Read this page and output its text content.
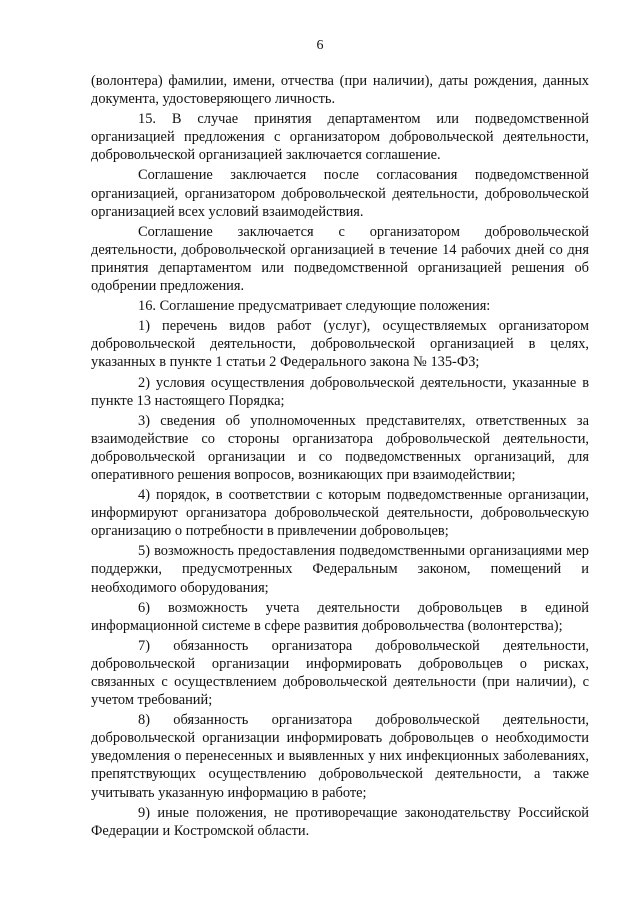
6

(волонтера) фамилии, имени, отчества (при наличии), даты рождения, данных документа, удостоверяющего личность.

15. В случае принятия департаментом или подведомственной организацией предложения с организатором добровольческой деятельности, добровольческой организацией заключается соглашение.

Соглашение заключается после согласования подведомственной организацией, организатором добровольческой деятельности, добровольческой организацией всех условий взаимодействия.

Соглашение заключается с организатором добровольческой деятельности, добровольческой организацией в течение 14 рабочих дней со дня принятия департаментом или подведомственной организацией решения об одобрении предложения.

16. Соглашение предусматривает следующие положения:

1) перечень видов работ (услуг), осуществляемых организатором добровольческой деятельности, добровольческой организацией в целях, указанных в пункте 1 статьи 2 Федерального закона № 135-ФЗ;

2) условия осуществления добровольческой деятельности, указанные в пункте 13 настоящего Порядка;

3) сведения об уполномоченных представителях, ответственных за взаимодействие со стороны организатора добровольческой деятельности, добровольческой организации и со подведомственных организаций, для оперативного решения вопросов, возникающих при взаимодействии;

4) порядок, в соответствии с которым подведомственные организации, информируют организатора добровольческой деятельности, добровольческую организацию о потребности в привлечении добровольцев;

5) возможность предоставления подведомственными организациями мер поддержки, предусмотренных Федеральным законом, помещений и необходимого оборудования;

6) возможность учета деятельности добровольцев в единой информационной системе в сфере развития добровольчества (волонтерства);

7) обязанность организатора добровольческой деятельности, добровольческой организации информировать добровольцев о рисках, связанных с осуществлением добровольческой деятельности (при наличии), с учетом требований;

8) обязанность организатора добровольческой деятельности, добровольческой организации информировать добровольцев о необходимости уведомления о перенесенных и выявленных у них инфекционных заболеваниях, препятствующих осуществлению добровольческой деятельности, а также учитывать указанную информацию в работе;

9) иные положения, не противоречащие законодательству Российской Федерации и Костромской области.
